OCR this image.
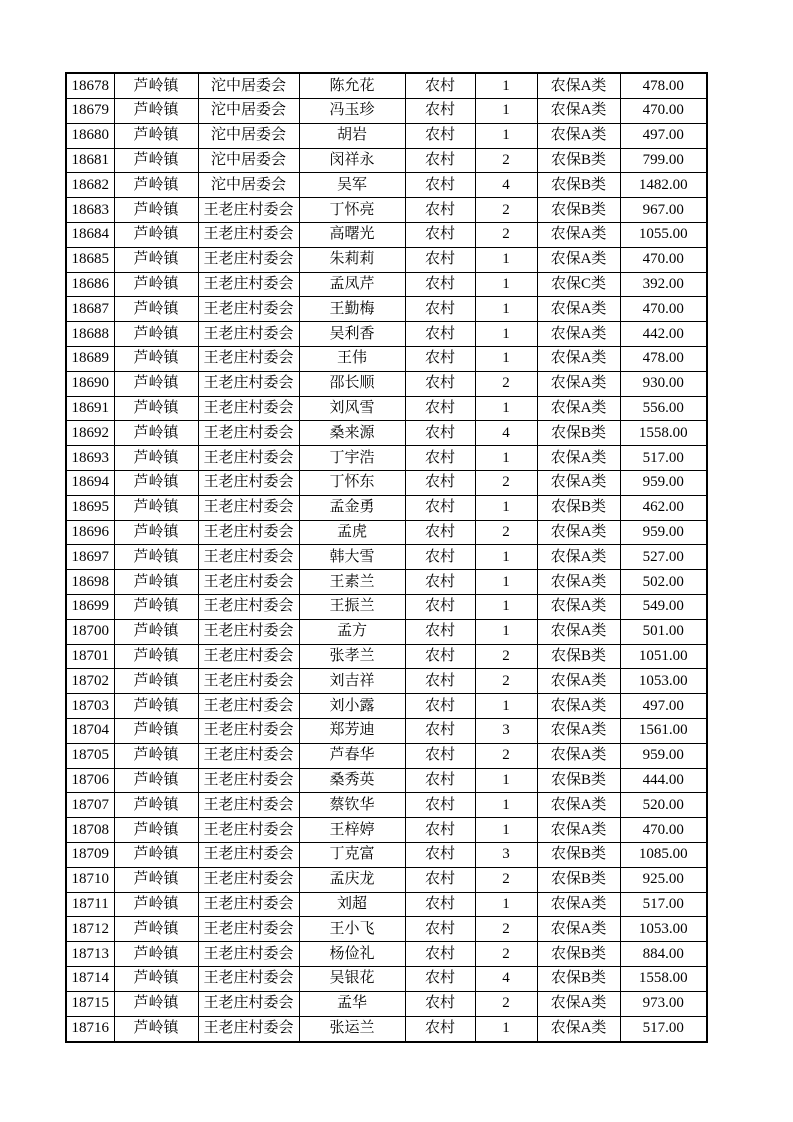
18678	芦岭镇	沱中居委会	陈允花	农村	1	农保A类	478.00
18679	芦岭镇	沱中居委会	冯玉珍	农村	1	农保A类	470.00
18680	芦岭镇	沱中居委会	胡岩	农村	1	农保A类	497.00
18681	芦岭镇	沱中居委会	闵祥永	农村	2	农保B类	799.00
18682	芦岭镇	沱中居委会	吴军	农村	4	农保B类	1482.00
18683	芦岭镇	王老庄村委会	丁怀亮	农村	2	农保B类	967.00
18684	芦岭镇	王老庄村委会	高曙光	农村	2	农保A类	1055.00
18685	芦岭镇	王老庄村委会	朱莉莉	农村	1	农保A类	470.00
18686	芦岭镇	王老庄村委会	孟凤芹	农村	1	农保C类	392.00
18687	芦岭镇	王老庄村委会	王勤梅	农村	1	农保A类	470.00
18688	芦岭镇	王老庄村委会	吴利香	农村	1	农保A类	442.00
18689	芦岭镇	王老庄村委会	王伟	农村	1	农保A类	478.00
18690	芦岭镇	王老庄村委会	邵长顺	农村	2	农保A类	930.00
18691	芦岭镇	王老庄村委会	刘风雪	农村	1	农保A类	556.00
18692	芦岭镇	王老庄村委会	桑来源	农村	4	农保B类	1558.00
18693	芦岭镇	王老庄村委会	丁宇浩	农村	1	农保A类	517.00
18694	芦岭镇	王老庄村委会	丁怀东	农村	2	农保A类	959.00
18695	芦岭镇	王老庄村委会	孟金勇	农村	1	农保B类	462.00
18696	芦岭镇	王老庄村委会	孟虎	农村	2	农保A类	959.00
18697	芦岭镇	王老庄村委会	韩大雪	农村	1	农保A类	527.00
18698	芦岭镇	王老庄村委会	王素兰	农村	1	农保A类	502.00
18699	芦岭镇	王老庄村委会	王振兰	农村	1	农保A类	549.00
18700	芦岭镇	王老庄村委会	孟方	农村	1	农保A类	501.00
18701	芦岭镇	王老庄村委会	张孝兰	农村	2	农保B类	1051.00
18702	芦岭镇	王老庄村委会	刘吉祥	农村	2	农保A类	1053.00
18703	芦岭镇	王老庄村委会	刘小露	农村	1	农保A类	497.00
18704	芦岭镇	王老庄村委会	郑芳迪	农村	3	农保A类	1561.00
18705	芦岭镇	王老庄村委会	芦春华	农村	2	农保A类	959.00
18706	芦岭镇	王老庄村委会	桑秀英	农村	1	农保B类	444.00
18707	芦岭镇	王老庄村委会	蔡钦华	农村	1	农保A类	520.00
18708	芦岭镇	王老庄村委会	王梓婷	农村	1	农保A类	470.00
18709	芦岭镇	王老庄村委会	丁克富	农村	3	农保B类	1085.00
18710	芦岭镇	王老庄村委会	孟庆龙	农村	2	农保B类	925.00
18711	芦岭镇	王老庄村委会	刘超	农村	1	农保A类	517.00
18712	芦岭镇	王老庄村委会	王小飞	农村	2	农保A类	1053.00
18713	芦岭镇	王老庄村委会	杨俭礼	农村	2	农保B类	884.00
18714	芦岭镇	王老庄村委会	吴银花	农村	4	农保B类	1558.00
18715	芦岭镇	王老庄村委会	孟华	农村	2	农保A类	973.00
18716	芦岭镇	王老庄村委会	张运兰	农村	1	农保A类	517.00
